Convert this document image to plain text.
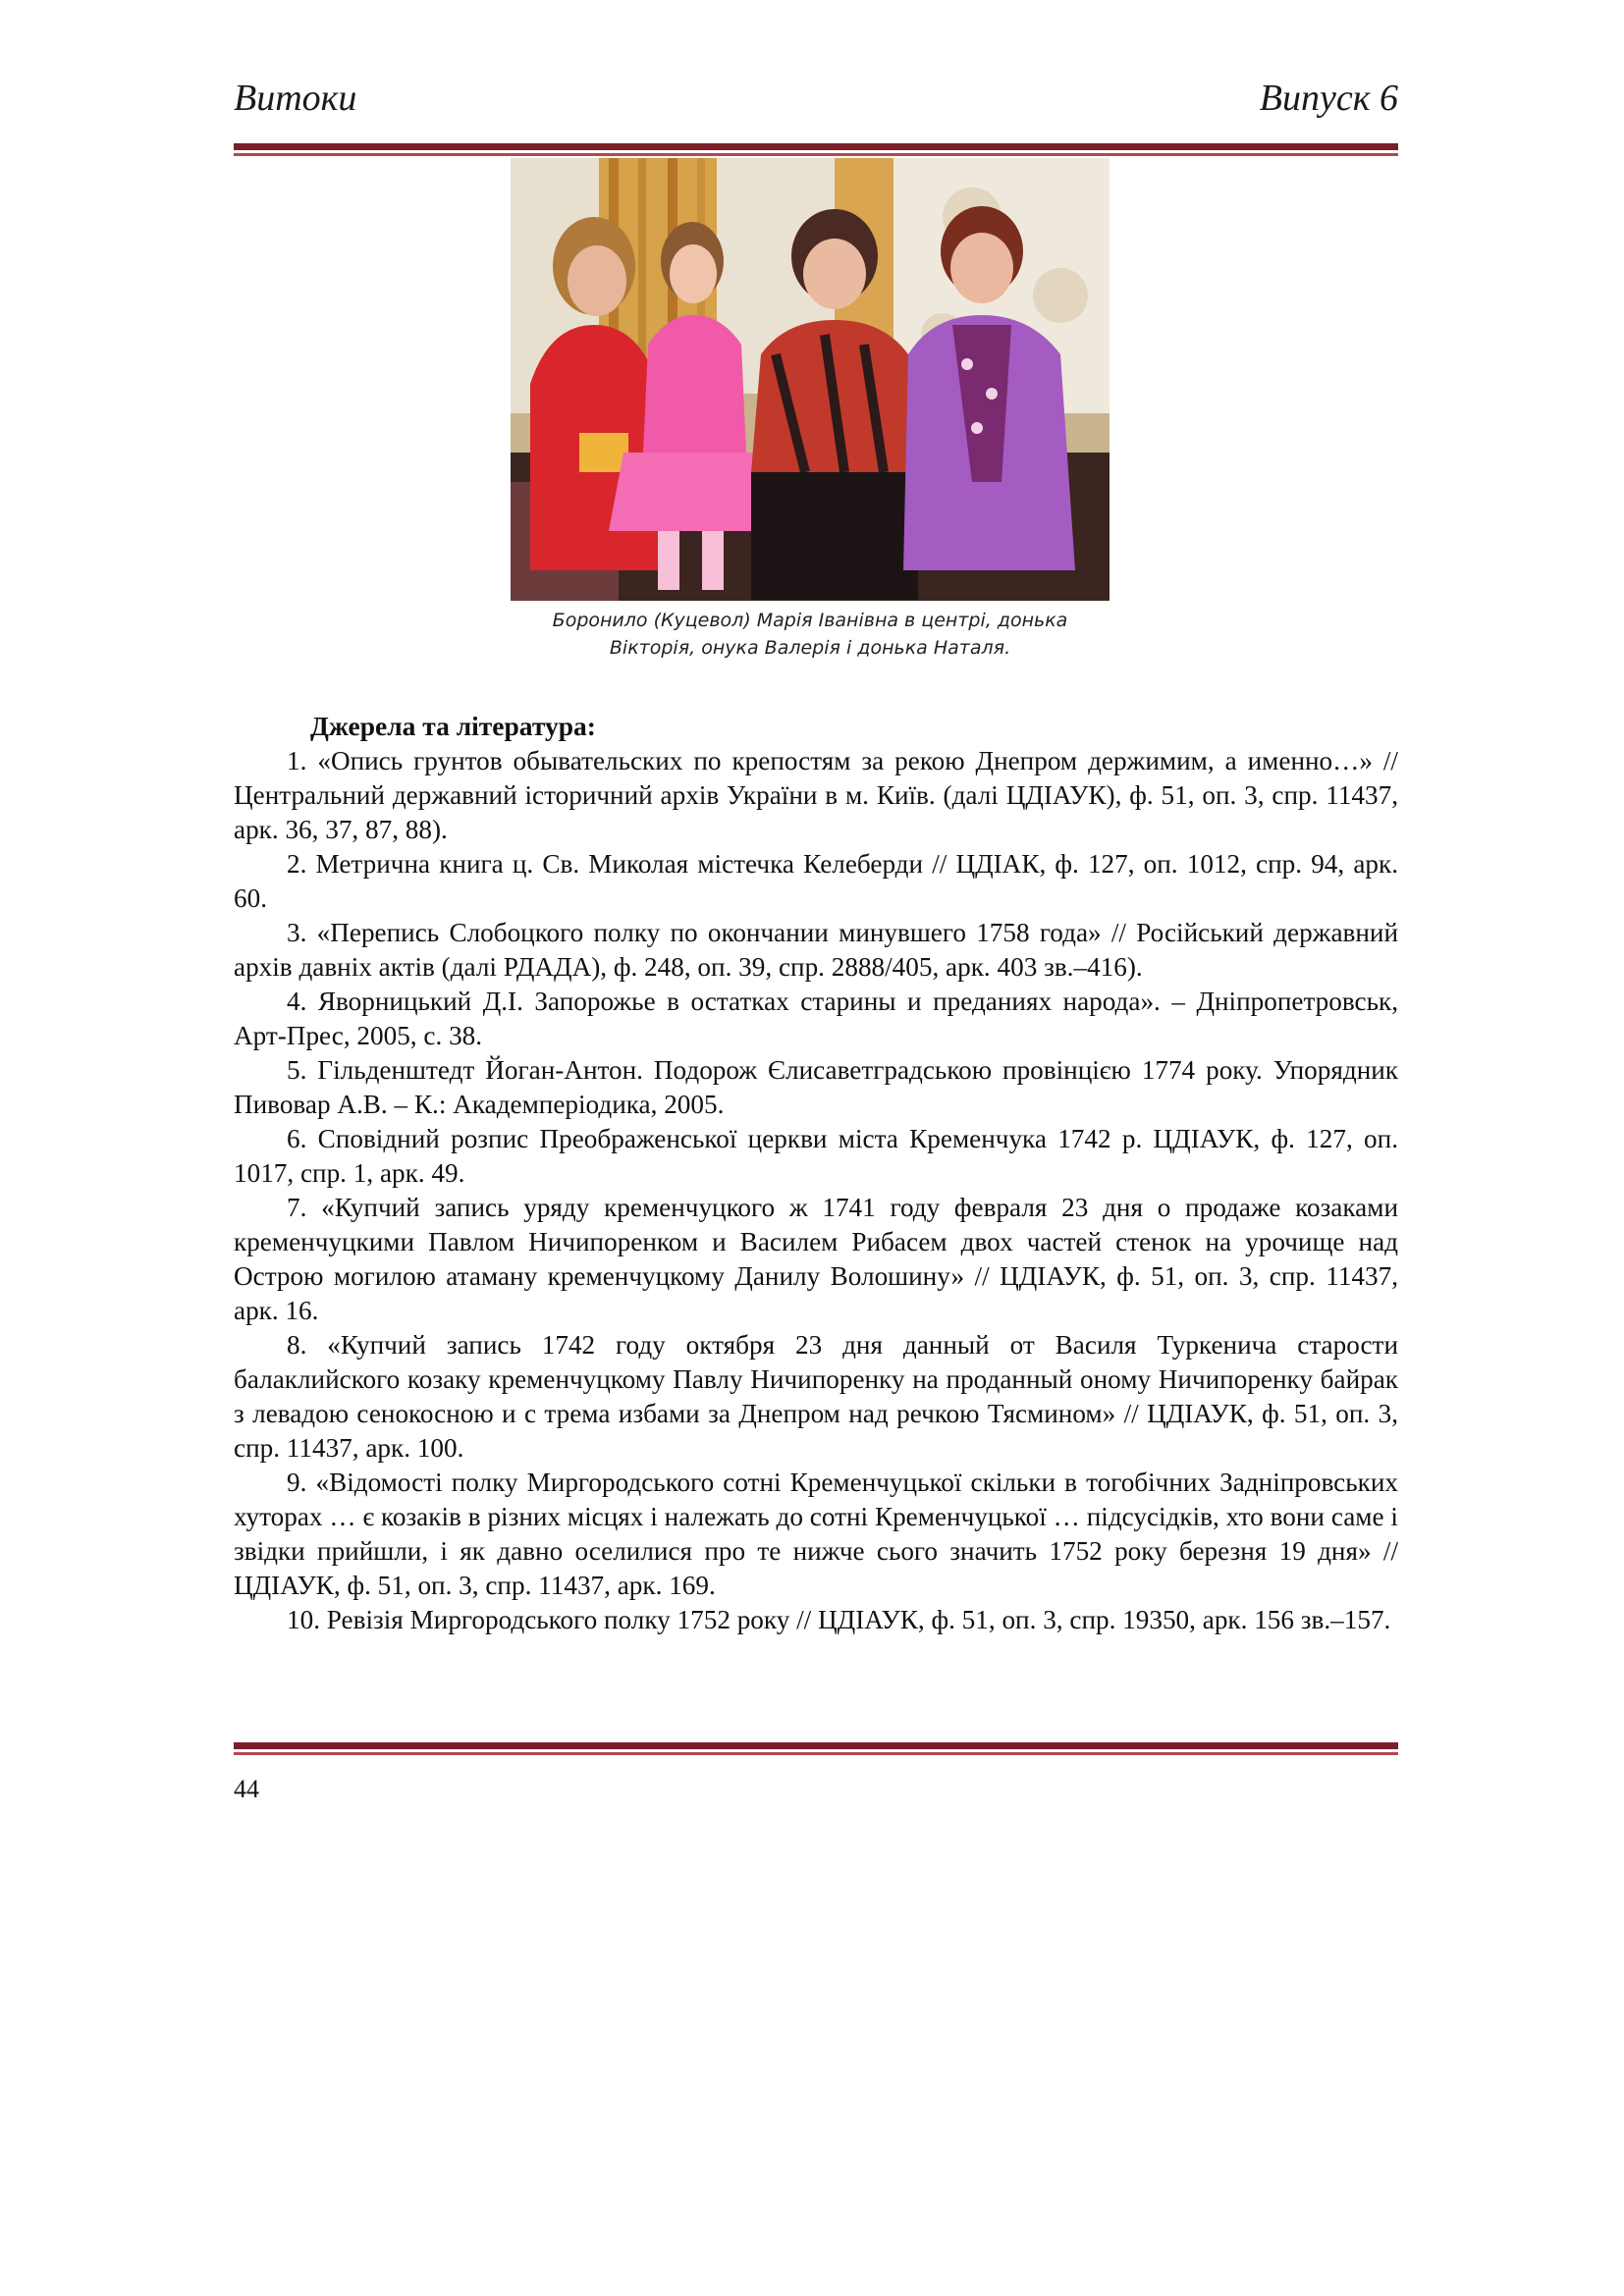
Витоки	Випуск 6
Боронило (Куцевол) Марія Іванівна в центрі, донька
Вікторія, онука Валерія і донька Наталя.
Джерела та література:

1. «Опись грунтов обывательских по крепостям за рекою Днепром держимим, а именно…» // Центральний державний історичний архів України в м. Київ. (далі ЦДІАУК), ф. 51, оп. 3, спр. 11437, арк. 36, 37, 87, 88).

2. Метрична книга ц. Св. Миколая містечка Келеберди // ЦДІАК, ф. 127, оп. 1012, спр. 94, арк. 60.

3. «Перепись Слобоцкого полку по окончании минувшего 1758 года» // Російський державний архів давніх актів (далі РДАДА), ф. 248, оп. 39, спр. 2888/405, арк. 403 зв.–416).

4. Яворницький Д.І. Запорожье в остатках старины и преданиях народа». – Дніпропетровськ, Арт-Прес, 2005, с. 38.

5. Гільденштедт Йоган-Антон. Подорож Єлисаветградською провінцією 1774 року. Упорядник Пивовар А.В. – К.: Академперіодика, 2005.

6. Сповідний розпис Преображенської церкви міста Кременчука 1742 р. ЦДІАУК, ф. 127, оп. 1017, спр. 1, арк. 49.

7. «Купчий запись уряду кременчуцкого ж 1741 году февраля 23 дня о продаже козаками кременчуцкими Павлом Ничипоренком и Василем Рибасем двох частей стенок на урочище над Острою могилою атаману кременчуцкому Данилу Волошину» // ЦДІАУК, ф. 51, оп. 3, спр. 11437, арк. 16.

8. «Купчий запись 1742 году октября 23 дня данный от Василя Туркенича старости балаклийского козаку кременчуцкому Павлу Ничипоренку на проданный оному Ничипоренку байрак з левадою сенокосною и с трема избами за Днепром над речкою Тясмином» // ЦДІАУК, ф. 51, оп. 3, спр. 11437, арк. 100.

9. «Відомості полку Миргородського сотні Кременчуцької скільки в тогобічних Задніпровських хуторах … є козаків в різних місцях і належать до сотні Кременчуцької … підсусідків, хто вони саме і звідки прийшли, і як давно оселилися про те нижче сього значить 1752 року березня 19 дня» // ЦДІАУК, ф. 51, оп. 3, спр. 11437, арк. 169.

10. Ревізія Миргородського полку 1752 року // ЦДІАУК, ф. 51, оп. 3, спр. 19350, арк. 156 зв.–157.

44
